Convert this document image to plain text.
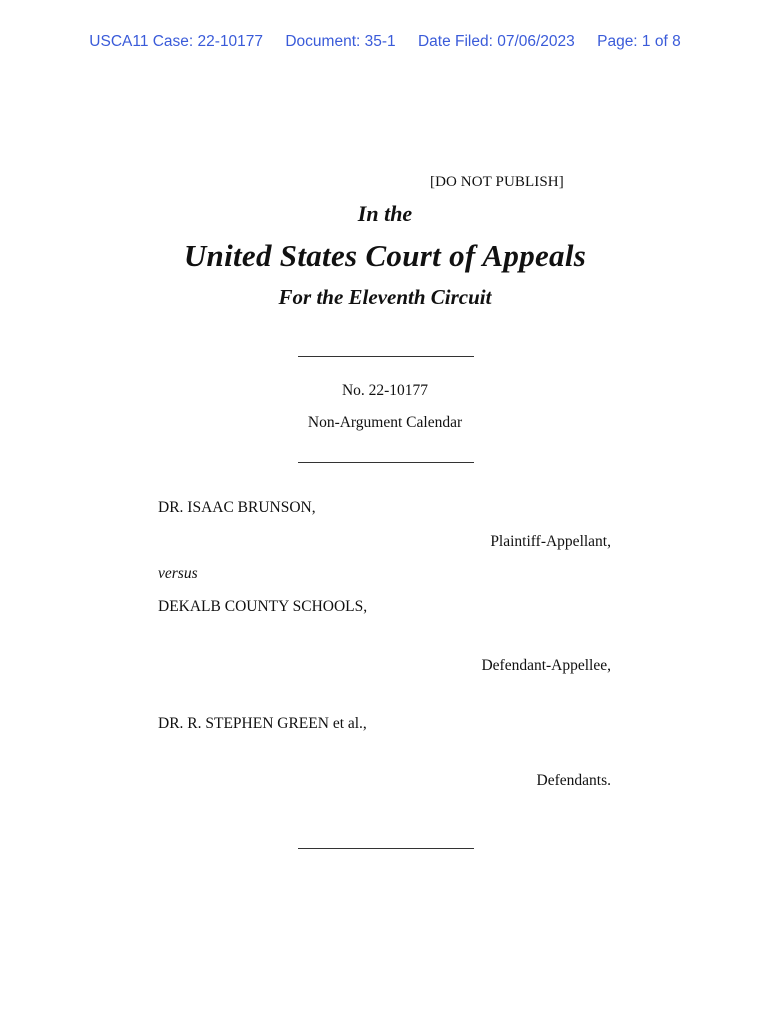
USCA11 Case: 22-10177 Document: 35-1 Date Filed: 07/06/2023 Page: 1 of 8
[DO NOT PUBLISH]
In the
United States Court of Appeals
For the Eleventh Circuit
No. 22-10177
Non-Argument Calendar
DR. ISAAC BRUNSON,
Plaintiff-Appellant,
versus
DEKALB COUNTY SCHOOLS,
Defendant-Appellee,
DR. R. STEPHEN GREEN et al.,
Defendants.
